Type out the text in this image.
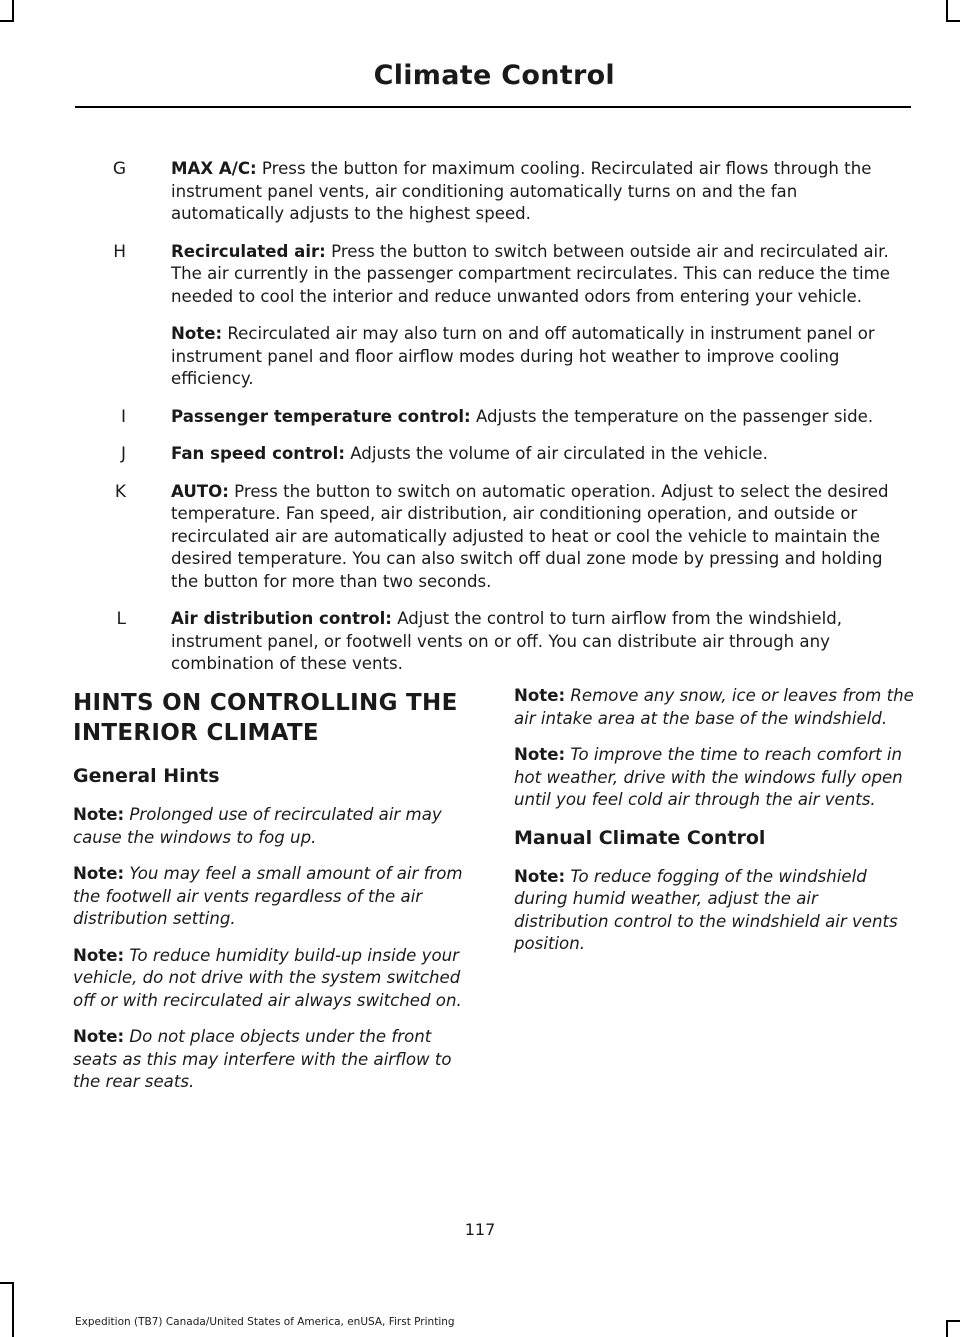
Climate Control
G	MAX A/C: Press the button for maximum cooling. Recirculated air flows through the instrument panel vents, air conditioning automatically turns on and the fan automatically adjusts to the highest speed.

H	Recirculated air: Press the button to switch between outside air and recirculated air. The air currently in the passenger compartment recirculates. This can reduce the time needed to cool the interior and reduce unwanted odors from entering your vehicle.

Note: Recirculated air may also turn on and off automatically in instrument panel or instrument panel and floor airflow modes during hot weather to improve cooling efficiency.

I	Passenger temperature control: Adjusts the temperature on the passenger side.

J	Fan speed control: Adjusts the volume of air circulated in the vehicle.

K	AUTO: Press the button to switch on automatic operation. Adjust to select the desired temperature. Fan speed, air distribution, air conditioning operation, and outside or recirculated air are automatically adjusted to heat or cool the vehicle to maintain the desired temperature. You can also switch off dual zone mode by pressing and holding the button for more than two seconds.

L	Air distribution control: Adjust the control to turn airflow from the windshield, instrument panel, or footwell vents on or off. You can distribute air through any combination of these vents.

HINTS ON CONTROLLING THE
INTERIOR CLIMATE
General Hints

Note: Prolonged use of recirculated air may cause the windows to fog up.

Note: You may feel a small amount of air from the footwell air vents regardless of the air distribution setting.

Note: To reduce humidity build-up inside your vehicle, do not drive with the system switched off or with recirculated air always switched on.

Note: Do not place objects under the front seats as this may interfere with the airflow to the rear seats.

Note: Remove any snow, ice or leaves from the air intake area at the base of the windshield.

Note: To improve the time to reach comfort in hot weather, drive with the windows fully open until you feel cold air through the air vents.

Manual Climate Control

Note: To reduce fogging of the windshield during humid weather, adjust the air distribution control to the windshield air vents position.

117
Expedition (TB7) Canada/United States of America, enUSA, First Printing
